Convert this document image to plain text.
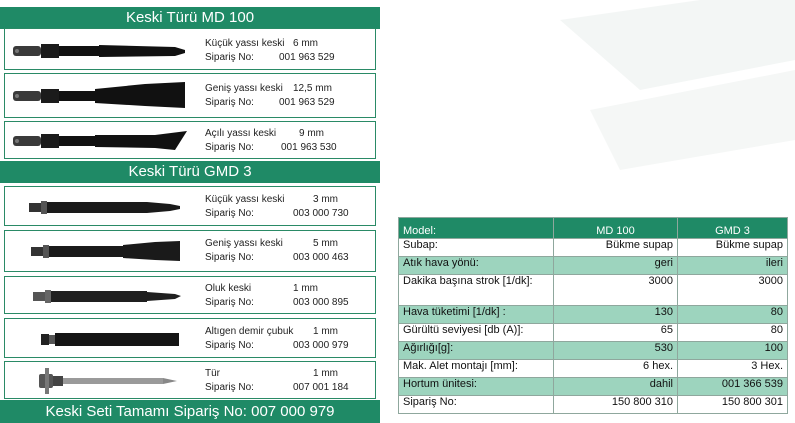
Keski Türü MD 100
Küçük yassı keski 6 mm
Sipariş No:	001 963 529
Geniş yassı keski	12,5 mm
Sipariş No:	001 963 529
Açılı yassı keski	9 mm
Sipariş No:	001 963 530
Keski Türü GMD 3
Küçük yassı keski	3 mm
Sipariş No:	003 000 730
Geniş yassı keski	5 mm
Sipariş No:	003 000 463
Oluk keski	1 mm
Sipariş No:	003 000 895
Altıgen demir çubuk	1 mm
Sipariş No:	003 000 979
Tür	1 mm
Sipariş No:	007 001 184
Keski Seti Tamamı Sipariş No: 007 000 979
Model:	MD 100	GMD 3
Subap:	Bükme supap	Bükme supap
Atık hava yönü:	geri	ileri
Dakika başına strok [1/dk]:	3000	3000
Hava tüketimi [1/dk] :	130	80
Gürültü seviyesi [db (A)]:	65	80
Ağırlığı[g]:	530	100
Mak. Alet montajı [mm]:	6 hex.	3 Hex.
Hortum ünitesi:	dahil	001 366 539
Sipariş No:	150 800 310	150 800 301
